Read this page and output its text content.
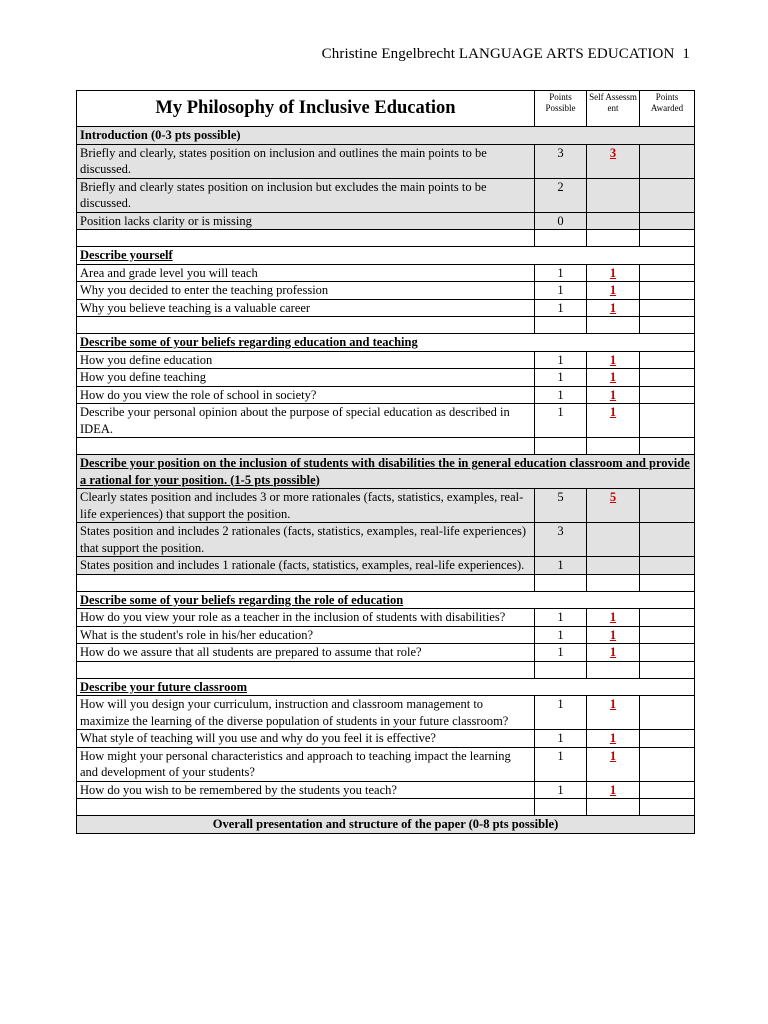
Christine Engelbrecht LANGUAGE ARTS EDUCATION 1
My Philosophy of Inclusive Education	Points Possible	Self Assessm ent	Points Awarded
Introduction (0-3 pts possible)			
Briefly and clearly, states position on inclusion and outlines the main points to be discussed.	3	3	
Briefly and clearly states position on inclusion but excludes the main points to be discussed.	2		
Position lacks clarity or is missing	0		

Describe yourself			
Area and grade level you will teach	1	1	
Why you decided to enter the teaching profession	1	1	
Why you believe teaching is a valuable career	1	1	

Describe some of your beliefs regarding education and teaching			
How you define education	1	1	
How you define teaching	1	1	
How do you view the role of school in society?	1	1	
Describe your personal opinion about the purpose of special education as described in IDEA.	1	1	

Describe your position on the inclusion of students with disabilities the in general education classroom and provide a rational for your position. (1-5 pts possible)			
Clearly states position and includes 3 or more rationales (facts, statistics, examples, real-life experiences) that support the position.	5	5	
States position and includes 2 rationales (facts, statistics, examples, real-life experiences) that support the position.	3		
States position and includes 1 rationale (facts, statistics, examples, real-life experiences).	1		

Describe some of your beliefs regarding the role of education			
How do you view your role as a teacher in the inclusion of students with disabilities?	1	1	
What is the student's role in his/her education?	1	1	
How do we assure that all students are prepared to assume that role?	1	1	

Describe your future classroom			
How will you design your curriculum, instruction and classroom management to maximize the learning of the diverse population of students in your future classroom?	1	1	
What style of teaching will you use and why do you feel it is effective?	1	1	
How might your personal characteristics and approach to teaching impact the learning and development of your students?	1	1	
How do you wish to be remembered by the students you teach?	1	1	

Overall presentation and structure of the paper (0-8 pts possible)			
